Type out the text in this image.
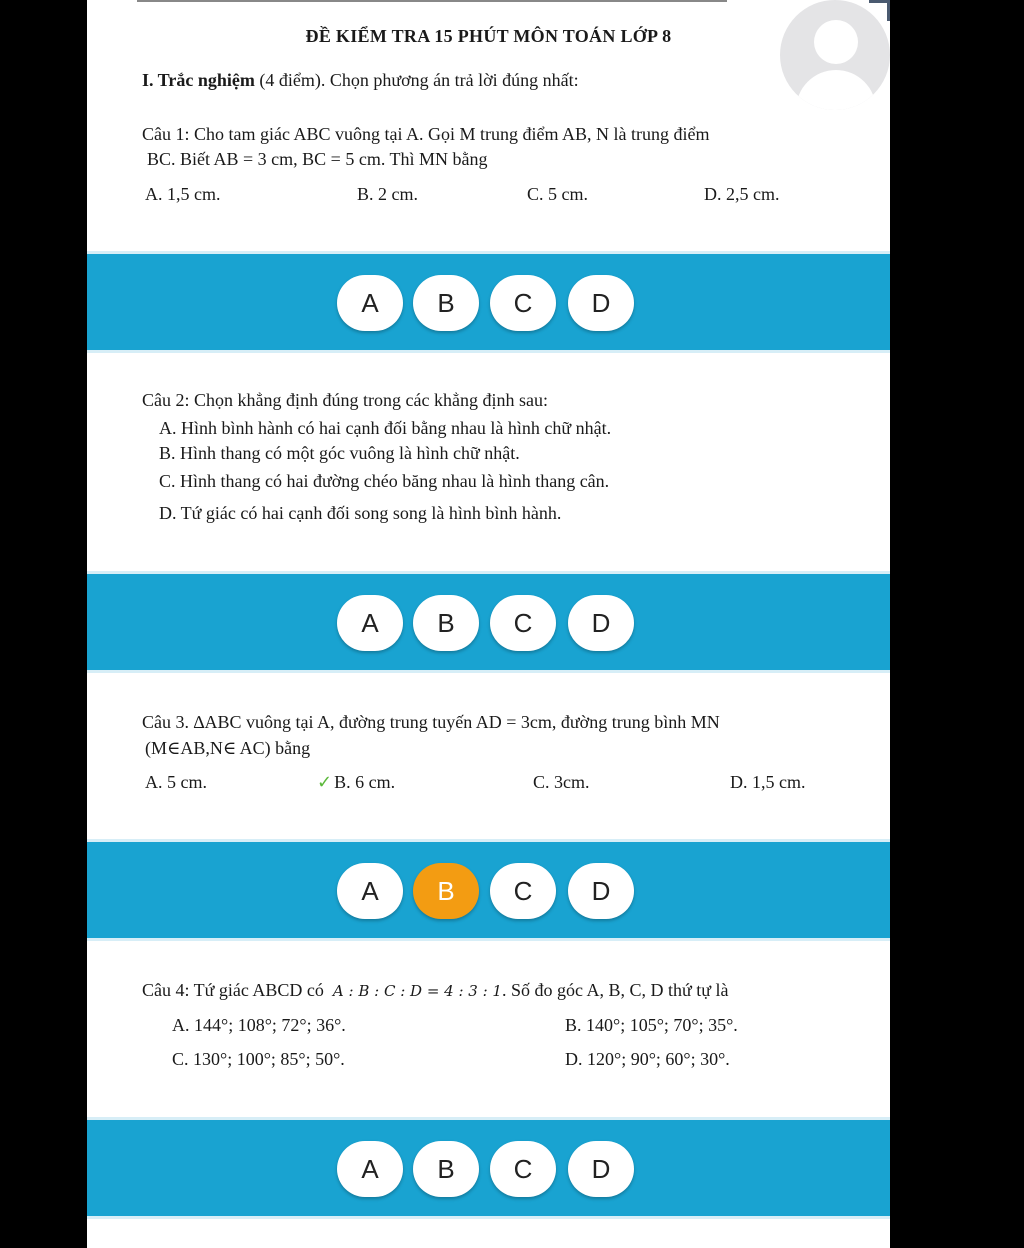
ĐỀ KIỂM TRA 15 PHÚT MÔN TOÁN LỚP 8
I. Trắc nghiệm (4 điểm). Chọn phương án trả lời đúng nhất:
Câu 1: Cho tam giác ABC vuông tại A. Gọi M trung điểm AB, N là trung điểm
BC. Biết AB = 3 cm, BC = 5 cm. Thì MN bằng
A. 1,5 cm.	B. 2 cm.	C. 5 cm.	D. 2,5 cm.
A	B	C	D
Câu 2: Chọn khẳng định đúng trong các khẳng định sau:
A. Hình bình hành có hai cạnh đối bằng nhau là hình chữ nhật.
B. Hình thang có một góc vuông là hình chữ nhật.
C. Hình thang có hai đường chéo băng nhau là hình thang cân.
D. Tứ giác có hai cạnh đối song song là hình bình hành.
A	B	C	D
Câu 3. ∆ABC vuông tại A, đường trung tuyến AD = 3cm, đường trung bình MN
(M∈AB,N∈ AC) bằng
A. 5 cm.	✓ B. 6 cm.	C. 3cm.	D. 1,5 cm.
A	B	C	D
Câu 4: Tứ giác ABCD có A : B : C : D = 4 : 3 : 1. Số đo góc A, B, C, D thứ tự là
A. 144°; 108°; 72°; 36°.	B. 140°; 105°; 70°; 35°.
C. 130°; 100°; 85°; 50°.	D. 120°; 90°; 60°; 30°.
A	B	C	D
